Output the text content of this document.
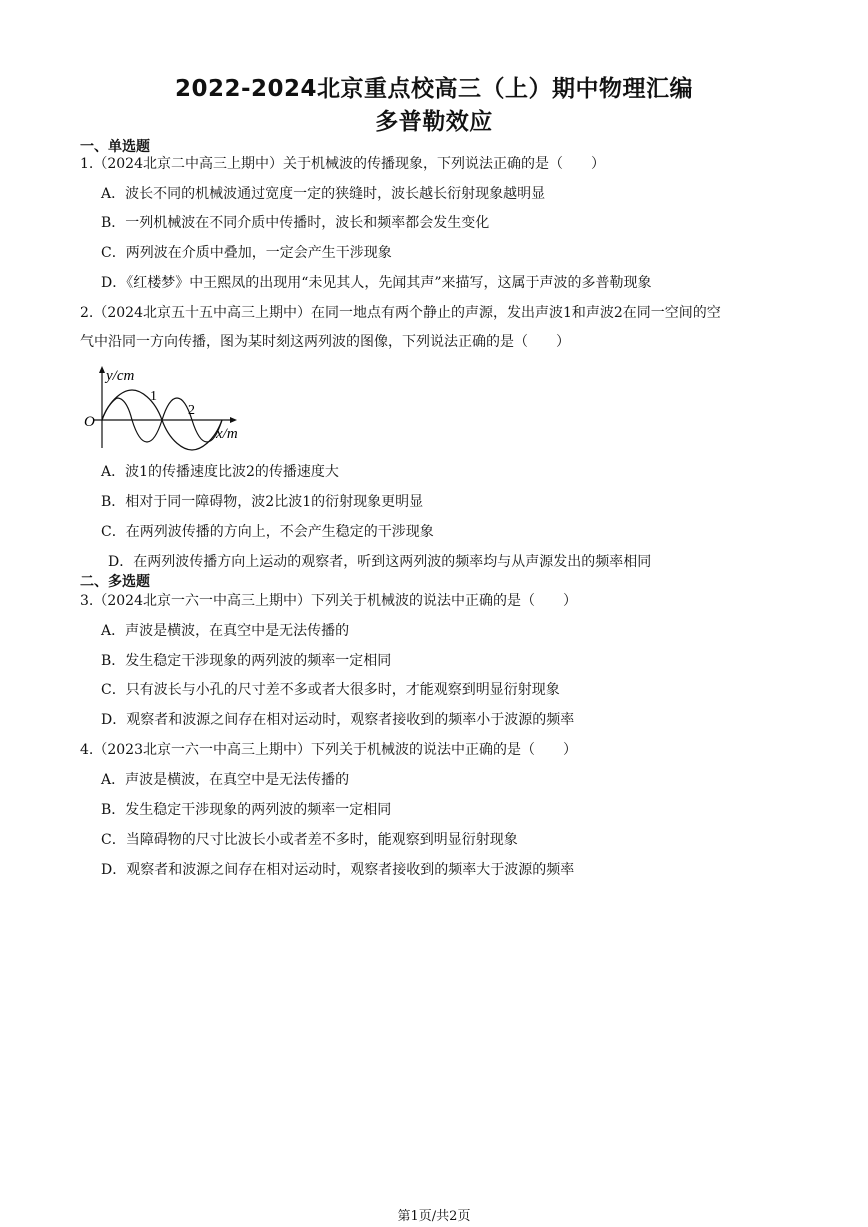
2022-2024北京重点校高三（上）期中物理汇编
多普勒效应
一、单选题
1.（2024北京二中高三上期中）关于机械波的传播现象，下列说法正确的是（　　）
A．波长不同的机械波通过宽度一定的狭缝时，波长越长衍射现象越明显
B．一列机械波在不同介质中传播时，波长和频率都会发生变化
C．两列波在介质中叠加，一定会产生干涉现象
D．《红楼梦》中王熙凤的出现用“未见其人，先闻其声”来描写，这属于声波的多普勒现象
2.（2024北京五十五中高三上期中）在同一地点有两个静止的声源，发出声波1和声波2在同一空间的空
气中沿同一方向传播，图为某时刻这两列波的图像，下列说法正确的是（　　）
y/cm
O
1
2
x/m
A．波1的传播速度比波2的传播速度大
B．相对于同一障碍物，波2比波1的衍射现象更明显
C．在两列波传播的方向上，不会产生稳定的干涉现象
D．在两列波传播方向上运动的观察者，听到这两列波的频率均与从声源发出的频率相同
二、多选题
3.（2024北京一六一中高三上期中）下列关于机械波的说法中正确的是（　　）
A．声波是横波，在真空中是无法传播的
B．发生稳定干涉现象的两列波的频率一定相同
C．只有波长与小孔的尺寸差不多或者大很多时，才能观察到明显衍射现象
D．观察者和波源之间存在相对运动时，观察者接收到的频率小于波源的频率
4.（2023北京一六一中高三上期中）下列关于机械波的说法中正确的是（　　）
A．声波是横波，在真空中是无法传播的
B．发生稳定干涉现象的两列波的频率一定相同
C．当障碍物的尺寸比波长小或者差不多时，能观察到明显衍射现象
D．观察者和波源之间存在相对运动时，观察者接收到的频率大于波源的频率
第1页/共2页
